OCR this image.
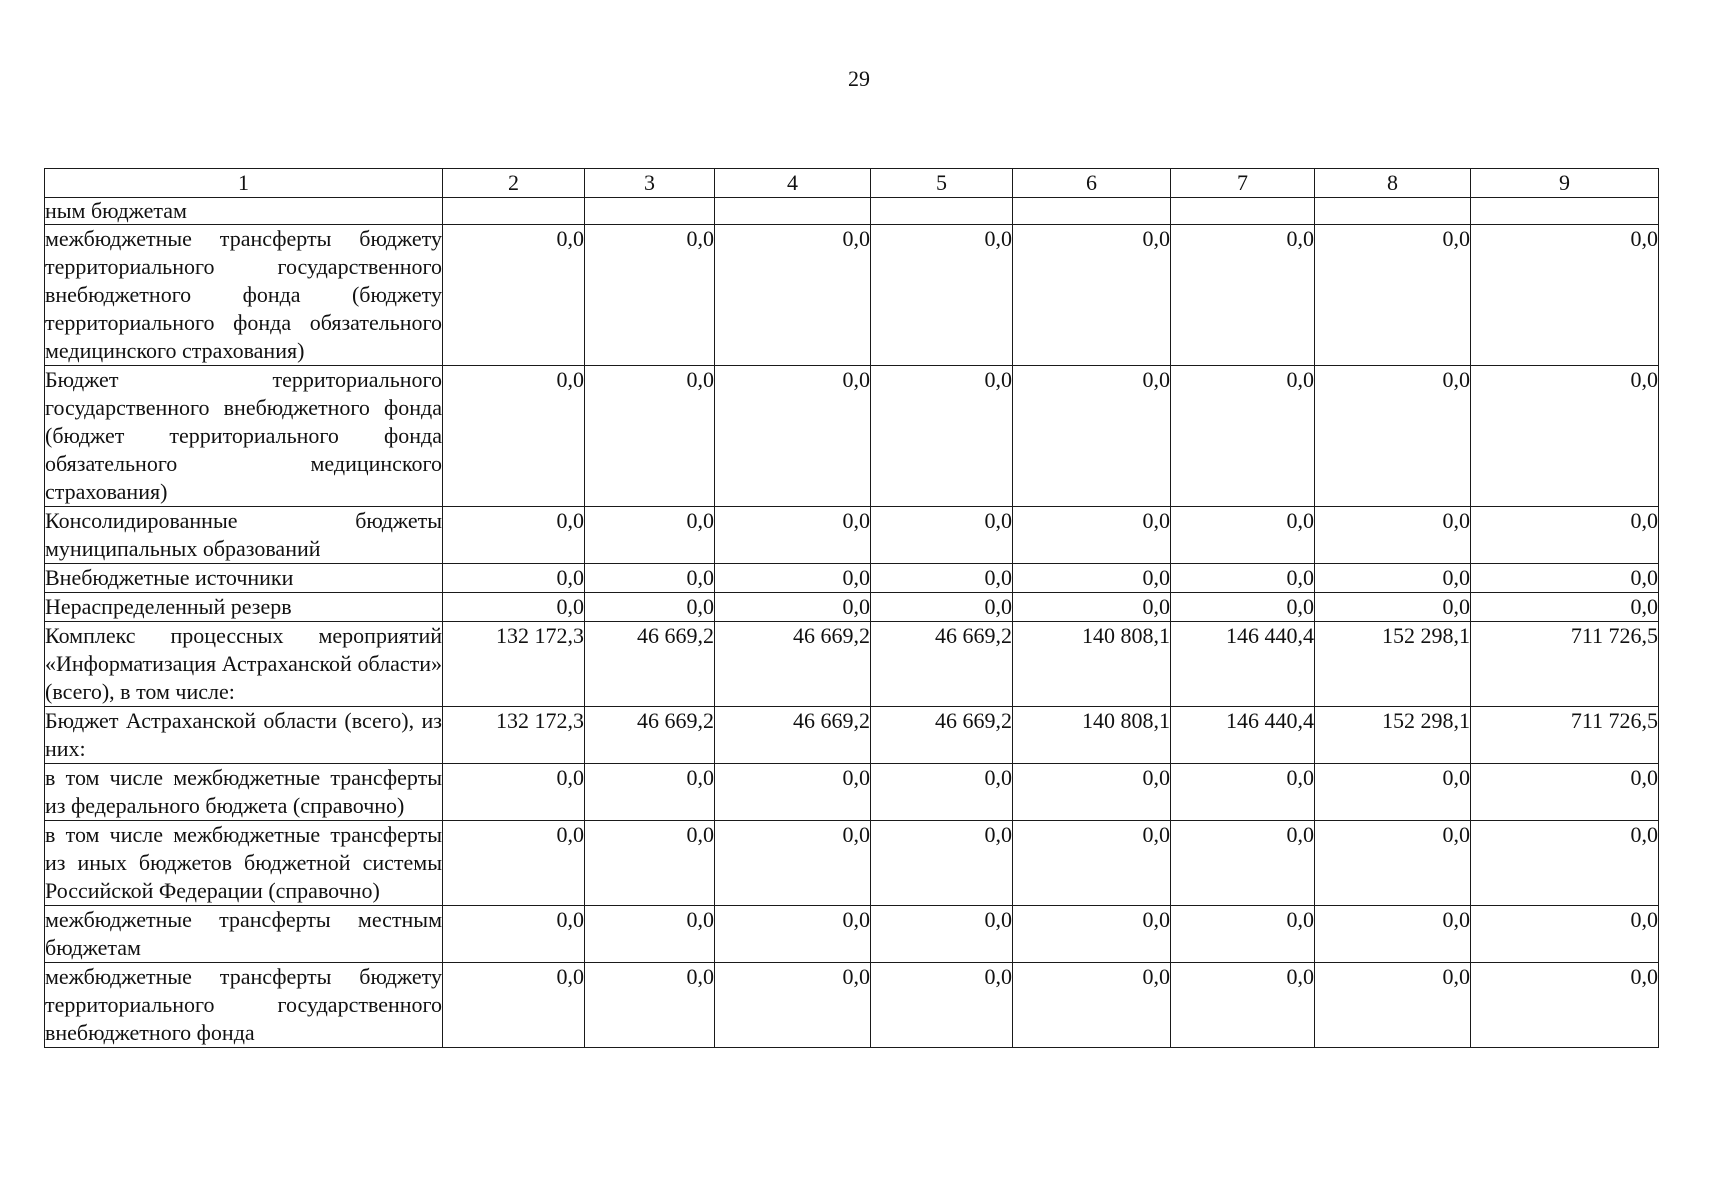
29
1	2	3	4	5	6	7	8	9
ным бюджетам								
межбюджетные трансферты бюджету территориального государственного внебюджетного фонда (бюджету территориального фонда обязательного медицинского страхования)	0,0	0,0	0,0	0,0	0,0	0,0	0,0	0,0
Бюджет территориального государственного внебюджетного фонда (бюджет территориального фонда обязательного медицинского страхования)	0,0	0,0	0,0	0,0	0,0	0,0	0,0	0,0
Консолидированные бюджеты муниципальных образований	0,0	0,0	0,0	0,0	0,0	0,0	0,0	0,0
Внебюджетные источники	0,0	0,0	0,0	0,0	0,0	0,0	0,0	0,0
Нераспределенный резерв	0,0	0,0	0,0	0,0	0,0	0,0	0,0	0,0
Комплекс процессных мероприятий «Информатизация Астраханской области» (всего), в том числе:	132 172,3	46 669,2	46 669,2	46 669,2	140 808,1	146 440,4	152 298,1	711 726,5
Бюджет Астраханской области (всего), из них:	132 172,3	46 669,2	46 669,2	46 669,2	140 808,1	146 440,4	152 298,1	711 726,5
в том числе межбюджетные трансферты из федерального бюджета (справочно)	0,0	0,0	0,0	0,0	0,0	0,0	0,0	0,0
в том числе межбюджетные трансферты из иных бюджетов бюджетной системы Российской Федерации (справочно)	0,0	0,0	0,0	0,0	0,0	0,0	0,0	0,0
межбюджетные трансферты местным бюджетам	0,0	0,0	0,0	0,0	0,0	0,0	0,0	0,0
межбюджетные трансферты бюджету территориального государственного внебюджетного фонда	0,0	0,0	0,0	0,0	0,0	0,0	0,0	0,0
